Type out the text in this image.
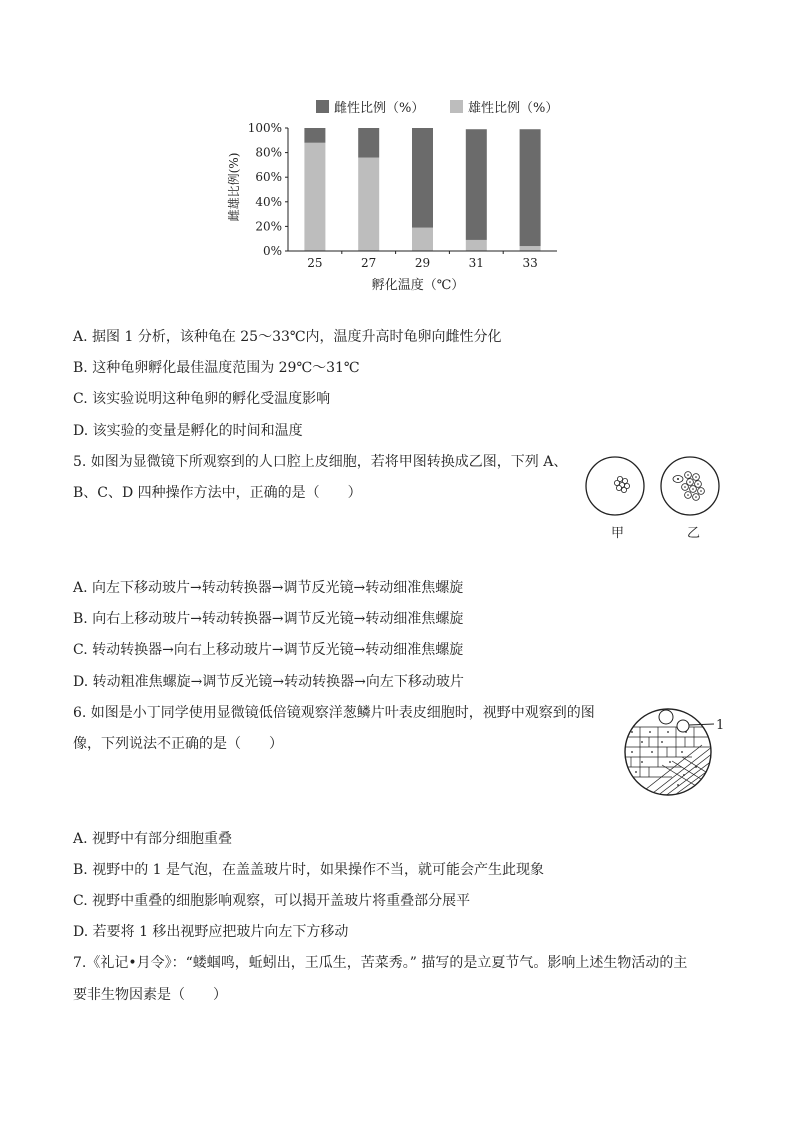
雌性比例（%）	雄性比例（%）
雌雄比例(%)
0%
20%
40%
60%
80%
100%
25	27	29	31	33
孵化温度（℃）
A. 据图 1 分析，该种龟在 25～33℃内，温度升高时龟卵向雌性分化
B. 这种龟卵孵化最佳温度范围为 29℃～31℃
C. 该实验说明这种龟卵的孵化受温度影响
D. 该实验的变量是孵化的时间和温度
5. 如图为显微镜下所观察到的人口腔上皮细胞，若将甲图转换成乙图，下列 A、
B、C、D 四种操作方法中，正确的是（　　）
甲	乙
A. 向左下移动玻片→转动转换器→调节反光镜→转动细准焦螺旋
B. 向右上移动玻片→转动转换器→调节反光镜→转动细准焦螺旋
C. 转动转换器→向右上移动玻片→调节反光镜→转动细准焦螺旋
D. 转动粗准焦螺旋→调节反光镜→转动转换器→向左下移动玻片
6. 如图是小丁同学使用显微镜低倍镜观察洋葱鳞片叶表皮细胞时，视野中观察到的图
像，下列说法不正确的是（　　）
1
A. 视野中有部分细胞重叠
B. 视野中的 1 是气泡，在盖盖玻片时，如果操作不当，就可能会产生此现象
C. 视野中重叠的细胞影响观察，可以揭开盖玻片将重叠部分展平
D. 若要将 1 移出视野应把玻片向左下方移动
7.《礼记•月令》：“蝼蝈鸣，蚯蚓出，王瓜生，苦菜秀。” 描写的是立夏节气。影响上述生物活动的主
要非生物因素是（　　）
